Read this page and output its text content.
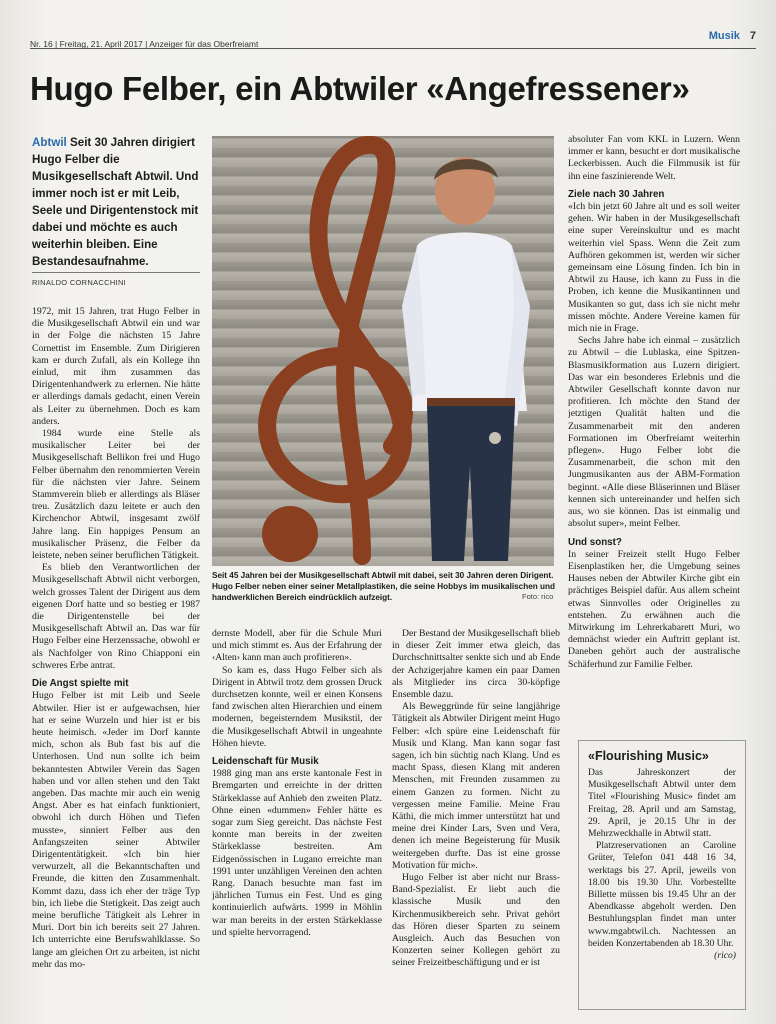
Nr. 16 | Freitag, 21. April 2017 | Anzeiger für das Oberfreiamt
Musik 7
Hugo Felber, ein Abtwiler «Angefressener»
Abtwil Seit 30 Jahren dirigiert Hugo Felber die Musikgesellschaft Abtwil. Und immer noch ist er mit Leib, Seele und Dirigentenstock mit dabei und möchte es auch weiterhin bleiben. Eine Bestandesaufnahme.
RINALDO CORNACCHINI

1972, mit 15 Jahren, trat Hugo Felber in die Musikgesellschaft Abtwil ein und war in der Folge die nächsten 15 Jahre Cornettist im Ensemble. Zum Dirigieren kam er durch Zufall, als ein Kollege ihn einlud, mit ihm zusammen das Dirigentenhandwerk zu erlernen. Nie hätte er allerdings damals gedacht, einen Verein als Leiter zu übernehmen. Doch es kam anders.

1984 wurde eine Stelle als musikalischer Leiter bei der Musikgesellschaft Bellikon frei und Hugo Felber übernahm den renommierten Verein für die nächsten vier Jahre. Seinem Stammverein blieb er allerdings als Bläser treu. Zusätzlich dazu leitete er auch den Kirchenchor Abtwil, insgesamt zwölf Jahre lang. Ein happiges Pensum an musikalischer Präsenz, die Felber da leistete, neben seiner beruflichen Tätigkeit.

Es blieb den Verantwortlichen der Musikgesellschaft Abtwil nicht verborgen, welch grosses Talent der Dirigent aus dem eigenen Dorf hatte und so bestieg er 1987 die Dirigentenstelle bei der Musikgesellschaft Abtwil an. Das war für Hugo Felber eine Herzenssache, obwohl er als Nachfolger von Rino Chiapponi ein schweres Erbe antrat.

Die Angst spielte mit

Hugo Felber ist mit Leib und Seele Abtwiler. Hier ist er aufgewachsen, hier hat er seine Wurzeln und hier ist er bis heute heimisch. «Jeder im Dorf kannte mich, schon als Bub fast bis auf die Unterhosen. Und nun sollte ich beim bekanntesten Abtwiler Verein das Sagen haben und vor allen stehen und den Takt angeben. Das machte mir auch ein wenig Angst. Aber es hat einfach funktioniert, obwohl ich durch Höhen und Tiefen musste», sinniert Felber aus den Anfangszeiten seiner Abtwiler Dirigententätigkeit. «Ich bin hier verwurzelt, all die Bekanntschaften und Freunde, die kitten den Zusammenhalt. Kommt dazu, dass ich eher der träge Typ bin, ich liebe die Stetigkeit. Das zeigt auch meine berufliche Tätigkeit als Lehrer in Muri. Dort bin ich bereits seit 27 Jahren. Ich unterrichte eine Berufswahlklasse. So lange am gleichen Ort zu arbeiten, ist nicht mehr das mo-

Seit 45 Jahren bei der Musikgesellschaft Abtwil mit dabei, seit 30 Jahren deren Dirigent. Hugo Felber neben einer seiner Metallplastiken, die seine Hobbys im musikalischen und handwerklichen Bereich eindrücklich aufzeigt.	Foto: rico

dernste Modell, aber für die Schule Muri und mich stimmt es. Aus der Erfahrung der ‹Alten› kann man auch profitieren».

So kam es, dass Hugo Felber sich als Dirigent in Abtwil trotz dem grossen Druck durchsetzen konnte, weil er einen Konsens fand zwischen alten Hierarchien und einem modernen, begeisterndem Musikstil, der die Musikgesellschaft Abtwil in ungeahnte Höhen hievte.

Leidenschaft für Musik

1988 ging man ans erste kantonale Fest in Bremgarten und erreichte in der dritten Stärkeklasse auf Anhieb den zweiten Platz. Ohne einen «dummen» Fehler hätte es sogar zum Sieg gereicht. Das nächste Fest konnte man bereits in der zweiten Stärkeklasse bestreiten. Am Eidgenössischen in Lugano erreichte man 1991 unter unzähligen Vereinen den achten Rang. Danach besuchte man fast im jährlichen Turnus ein Fest. Und es ging kontinuierlich aufwärts. 1999 in Möhlin war man bereits in der ersten Stärkeklasse und spielte hervorragend.

Der Bestand der Musikgesellschaft blieb in dieser Zeit immer etwa gleich, das Durchschnittsalter senkte sich und ab Ende der Achzigerjahre kamen ein paar Damen als Mitglieder ins circa 30-köpfige Ensemble dazu.

Als Beweggründe für seine langjährige Tätigkeit als Abtwiler Dirigent meint Hugo Felber: «Ich spüre eine Leidenschaft für Musik und Klang. Man kann sogar fast sagen, ich bin süchtig nach Klang. Und es macht Spass, diesen Klang mit anderen Menschen, mit Freunden zusammen zu einem Ganzen zu formen. Nicht zu vergessen meine Familie. Meine Frau Käthi, die mich immer unterstützt hat und meine drei Kinder Lars, Sven und Vera, denen ich meine Begeisterung für Musik weitergeben durfte. Das ist eine grosse Motivation für mich».

Hugo Felber ist aber nicht nur Brass-Band-Spezialist. Er liebt auch die klassische Musik und den Kirchenmusikbereich sehr. Privat gehört das Hören dieser Sparten zu seinem Ausgleich. Auch das Besuchen von Konzerten seiner Kollegen gehört zu seiner Freizeitbeschäftigung und er ist

absoluter Fan vom KKL in Luzern. Wenn immer er kann, besucht er dort musikalische Leckerbissen. Auch die Filmmusik ist für ihn eine faszinierende Welt.

Ziele nach 30 Jahren

«Ich bin jetzt 60 Jahre alt und es soll weiter gehen. Wir haben in der Musikgesellschaft eine super Vereinskultur und es macht weiterhin viel Spass. Wenn die Zeit zum Aufhören gekommen ist, werden wir sicher gemeinsam eine Lösung finden. Ich bin in Abtwil zu Hause, ich kann zu Fuss in die Proben, ich kenne die Musikantinnen und Musikanten so gut, dass ich sie nicht mehr missen möchte. Andere Vereine kamen für mich nie in Frage.

Sechs Jahre habe ich einmal – zusätzlich zu Abtwil – die Lublaska, eine Spitzen-Blasmusikformation aus Luzern dirigiert. Das war ein besonderes Erlebnis und die Abtwiler Gesellschaft konnte davon nur profitieren. Ich möchte den Stand der jetztigen Qualität halten und die Zusammenarbeit mit den anderen Formationen im Oberfreiamt weiterhin pflegen». Hugo Felber lobt die Zusammenarbeit, die schon mit den Jungmusikanten aus der ABM-Formation beginnt. «Alle diese Bläserinnen und Bläser kennen sich untereinander und helfen sich aus, wo sie können. Das ist einmalig und absolut super», meint Felber.

Und sonst?

In seiner Freizeit stellt Hugo Felber Eisenplastiken her, die Umgebung seines Hauses neben der Abtwiler Kirche gibt ein prächtiges Beispiel dafür. Aus allem scheint etwas Sinnvolles oder Originelles zu entstehen. Zu erwähnen auch die Mitwirkung im Lehrerkabarett Muri, wo demnächst wieder ein Auftritt geplant ist. Daneben gehört auch der australische Schäferhund zur Familie Felber.

«Flourishing Music»

Das Jahreskonzert der Musikgesellschaft Abtwil unter dem Titel «Flourishing Music» findet am Freitag, 28. April und am Samstag, 29. April, je 20.15 Uhr in der Mehrzweckhalle in Abtwil statt.

Platzreservationen an Caroline Grüter, Telefon 041 448 16 34, werktags bis 27. April, jeweils von 18.00 bis 19.30 Uhr. Vorbestellte Billette müssen bis 19.45 Uhr an der Abendkasse abgeholt werden. Den Bestuhlungsplan findet man unter www.mgabtwil.ch. Nachtessen an beiden Konzertabenden ab 18.30 Uhr.

(rico)
